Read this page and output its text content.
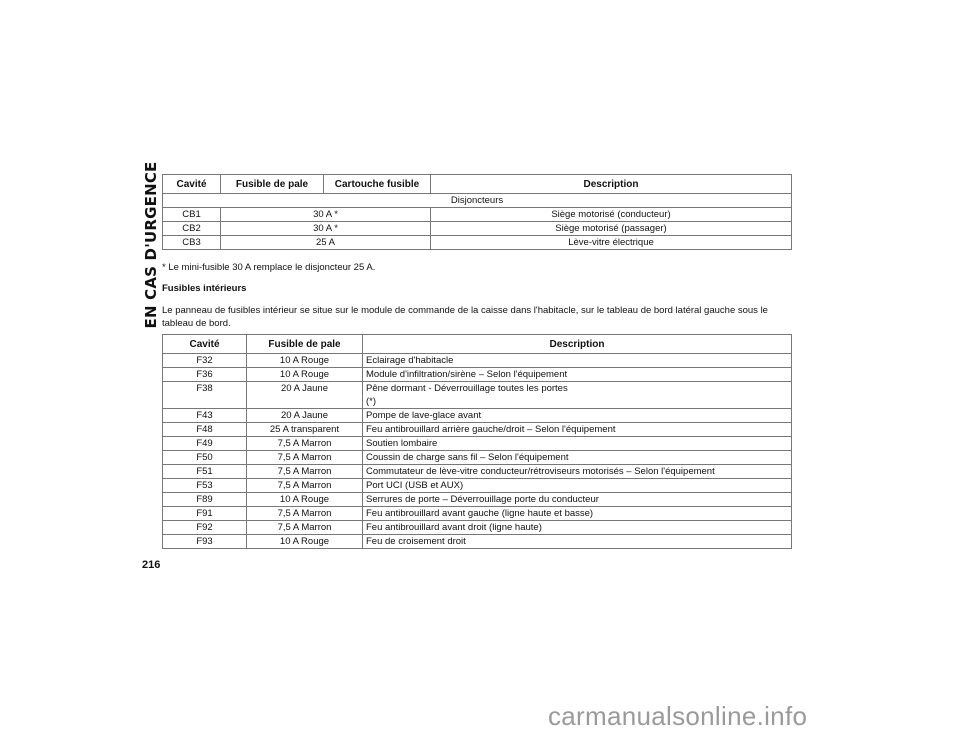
EN CAS D'URGENCE Cavité	Fusible de pale	Cartouche fusible	Description
Disjoncteurs			
CB1	30 A *		Siège motorisé (conducteur)
CB2	30 A *		Siège motorisé (passager)
CB3	25 A		Lève-vitre électrique
* Le mini-fusible 30 A remplace le disjoncteur 25 A.
Fusibles intérieurs
Le panneau de fusibles intérieur se situe sur le module de commande de la caisse dans l'habitacle, sur le tableau de bord latéral gauche sous le tableau de bord.
Cavité	Fusible de pale	Description
F32	10 A Rouge	Eclairage d'habitacle
F36	10 A Rouge	Module d'infiltration/sirène – Selon l'équipement
F38	20 A Jaune	Pêne dormant - Déverrouillage toutes les portes
(*)
F43	20 A Jaune	Pompe de lave-glace avant
F48	25 A transparent	Feu antibrouillard arrière gauche/droit – Selon l'équipement
F49	7,5 A Marron	Soutien lombaire
F50	7,5 A Marron	Coussin de charge sans fil – Selon l'équipement
F51	7,5 A Marron	Commutateur de lève-vitre conducteur/rétroviseurs motorisés – Selon l'équipement
F53	7,5 A Marron	Port UCI (USB et AUX)
F89	10 A Rouge	Serrures de porte – Déverrouillage porte du conducteur
F91	7,5 A Marron	Feu antibrouillard avant gauche (ligne haute et basse)
F92	7,5 A Marron	Feu antibrouillard avant droit (ligne haute)
F93	10 A Rouge	Feu de croisement droit
216
carmanualsonline.info
